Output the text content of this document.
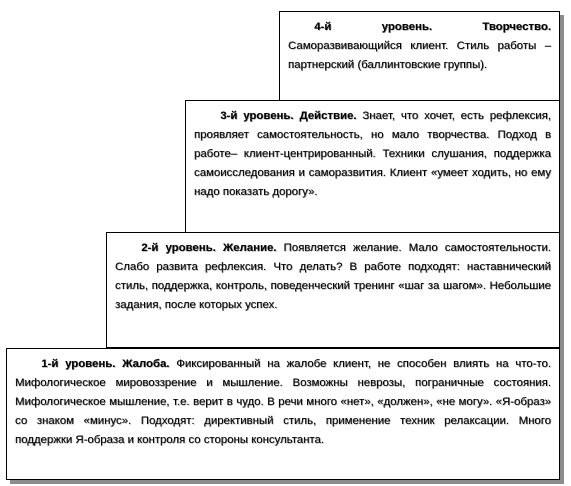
4-й уровень. Творчество. Саморазвивающийся клиент. Стиль работы – партнерский (баллинтовские группы).

3-й уровень. Действие. Знает, что хочет, есть рефлексия, проявляет самостоятельность, но мало творчества. Подход в работе– клиент-центрированный. Техники слушания, поддержка самоисследования и саморазвития. Клиент «умеет ходить, но ему надо показать дорогу».

2-й уровень. Желание. Появляется желание. Мало самостоятельности. Слабо развита рефлексия. Что делать? В работе подходят: наставнический стиль, поддержка, контроль, поведенческий тренинг «шаг за шагом». Небольшие задания, после которых успех.

1-й уровень. Жалоба. Фиксированный на жалобе клиент, не способен влиять на что-то. Мифологическое мировоззрение и мышление. Возможны неврозы, пограничные состояния. Мифологическое мышление, т.е. верит в чудо. В речи много «нет», «должен», «не могу». «Я-образ» со знаком «минус». Подходят: директивный стиль, применение техник релаксации. Много поддержки Я-образа и контроля со стороны консультанта.
